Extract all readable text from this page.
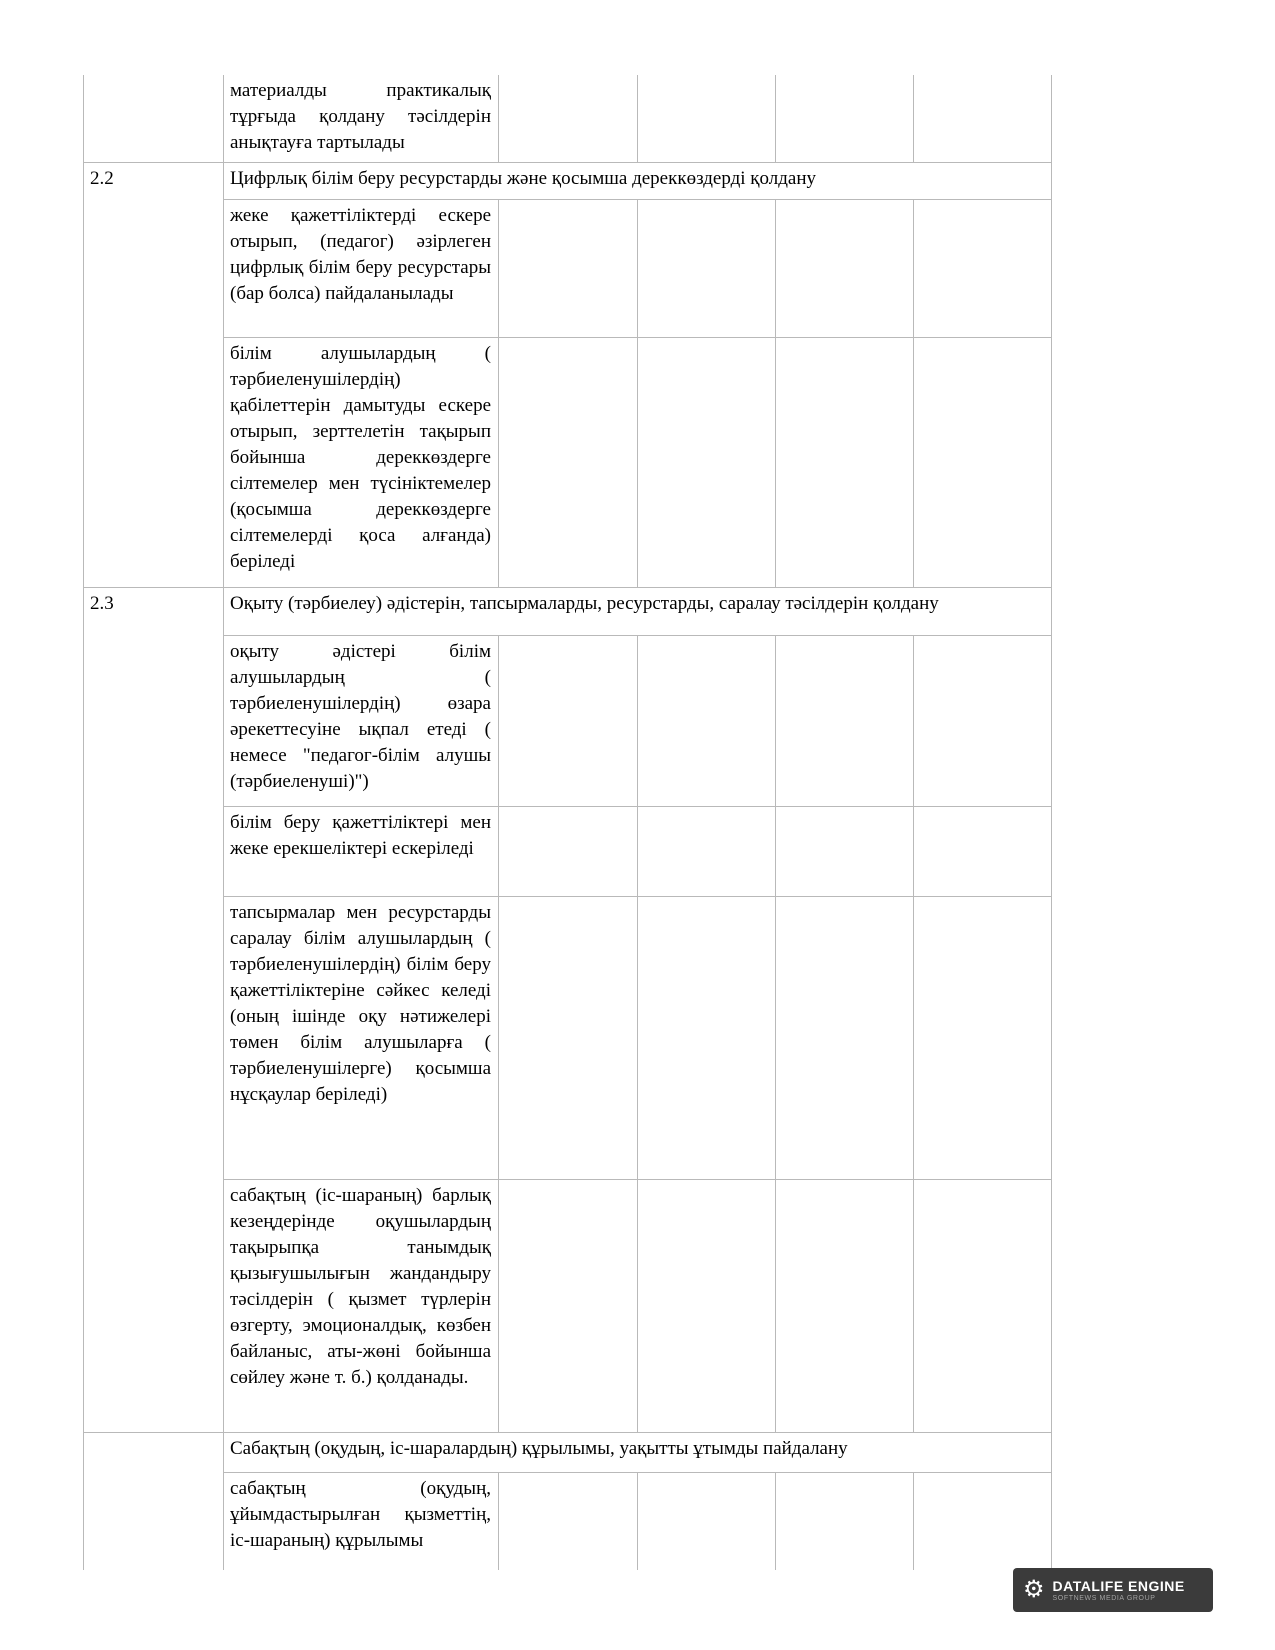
	материалды практикалық тұрғыда қолдану тәсілдерін анықтауға тартылады				
2.2	Цифрлық білім беру ресурстарды және қосымша дереккөздерді қолдану				
	жеке қажеттіліктерді ескере отырып, (педагог) әзірлеген цифрлық білім беру ресурстары (бар болса) пайдаланылады				
	білім алушылардың ( тәрбиеленушілердің) қабілеттерін дамытуды ескере отырып, зерттелетін тақырып бойынша дереккөздерге сілтемелер мен түсініктемелер (қосымша дереккөздерге сілтемелерді қоса алғанда) беріледі				
2.3	Оқыту (тәрбиелеу) әдістерін, тапсырмаларды, ресурстарды, саралау тәсілдерін қолдану				
	оқыту әдістері білім алушылардың ( тәрбиеленушілердің) өзара әрекеттесуіне ықпал етеді ( немесе "педагог-білім алушы (тәрбиеленуші)")				
	білім беру қажеттіліктері мен жеке ерекшеліктері ескеріледі				
	тапсырмалар мен ресурстарды саралау білім алушылардың ( тәрбиеленушілердің) білім беру қажеттіліктеріне сәйкес келеді (оның ішінде оқу нәтижелері төмен білім алушыларға ( тәрбиеленушілерге) қосымша нұсқаулар беріледі)				
	сабақтың (іс-шараның) барлық кезеңдерінде оқушылардың тақырыпқа танымдық қызығушылығын жандандыру тәсілдерін ( қызмет түрлерін өзгерту, эмоционалдық, көзбен байланыс, аты-жөні бойынша сөйлеу және т. б.) қолданады.				
	Сабақтың (оқудың, іс-шаралардың) құрылымы, уақытты ұтымды пайдалану				
	сабақтың (оқудың, ұйымдастырылған қызметтің, іс-шараның) құрылымы				
⚙ DATALIFE ENGINE
SOFTNEWS MEDIA GROUP
